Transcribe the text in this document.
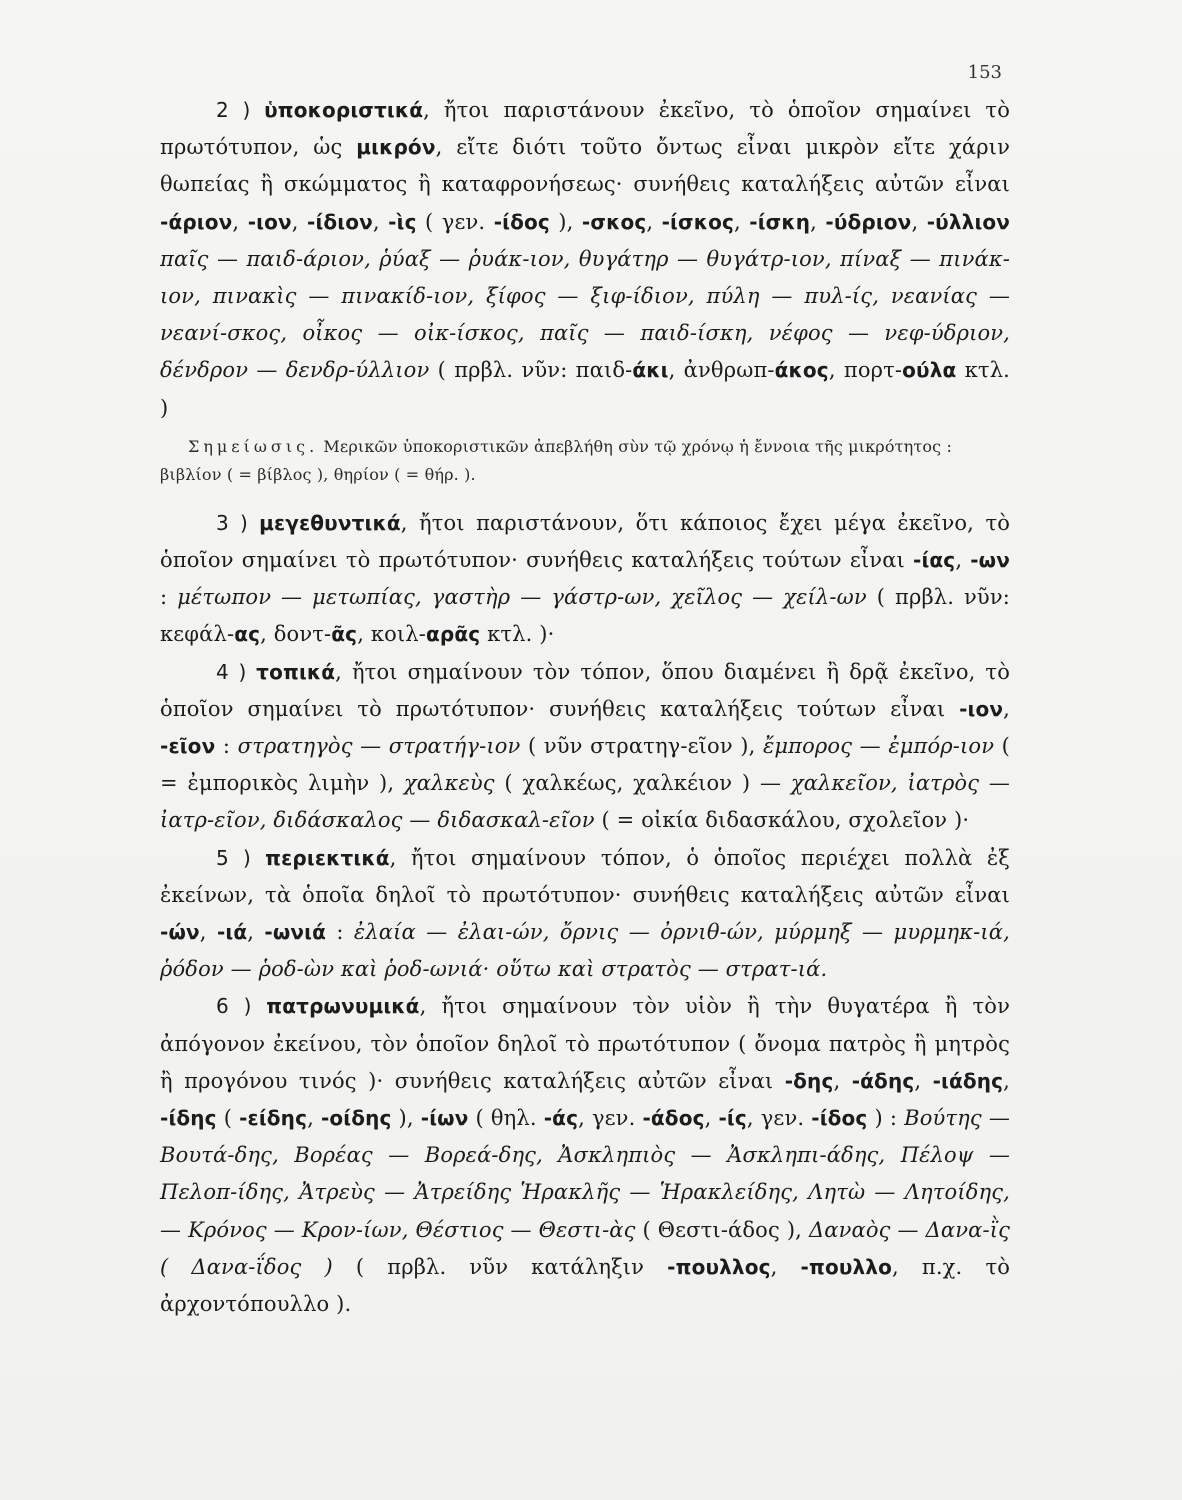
153

2 ) ὑποκοριστικά, ἤτοι παριστάνουν ἐκεῖνο, τὸ ὁποῖον σημαίνει τὸ πρωτότυπον, ὡς μικρόν, εἴτε διότι τοῦτο ὄντως εἶναι μικρὸν εἴτε χάριν θωπείας ἢ σκώμματος ἢ καταφρονήσεως· συνήθεις καταλήξεις αὐτῶν εἶναι -άριον, -ιον, -ίδιον, -ὶς ( γεν. -ίδος ), -σκος, -ίσκος, -ίσκη, -ύδριον, -ύλλιον παῖς — παιδ-άριον, ῥύαξ — ῥυάκ-ιον, θυγάτηρ — θυγάτρ-ιον, πίναξ — πινάκ-ιον, πινακὶς — πινακίδ-ιον, ξίφος — ξιφ-ίδιον, πύλη — πυλ-ίς, νεανίας — νεανί-σκος, οἶκος — οἰκ-ίσκος, παῖς — παιδ-ίσκη, νέφος — νεφ-ύδριον, δένδρον — δενδρ-ύλλιον ( πρβλ. νῦν: παιδ-άκι, ἀνθρωπ-άκος, πορτ-ούλα κτλ. )

Σημείωσις. Μερικῶν ὑποκοριστικῶν ἀπεβλήθη σὺν τῷ χρόνῳ ἡ ἔννοια τῆς μικρότητος : βιβλίον ( = βίβλος ), θηρίον ( = θήρ. ).

3 ) μεγεθυντικά, ἤτοι παριστάνουν, ὅτι κάποιος ἔχει μέγα ἐκεῖνο, τὸ ὁποῖον σημαίνει τὸ πρωτότυπον· συνήθεις καταλήξεις τούτων εἶναι -ίας, -ων : μέτωπον — μετωπίας, γαστὴρ — γάστρ-ων, χεῖλος — χείλ-ων ( πρβλ. νῦν: κεφάλ-ας, δοντ-ᾶς, κοιλ-αρᾶς κτλ. )·

4 ) τοπικά, ἤτοι σημαίνουν τὸν τόπον, ὅπου διαμένει ἢ δρᾷ ἐκεῖνο, τὸ ὁποῖον σημαίνει τὸ πρωτότυπον· συνήθεις καταλήξεις τούτων εἶναι -ιον, -εῖον : στρατηγὸς — στρατήγ-ιον ( νῦν στρατηγ-εῖον ), ἔμπορος — ἐμπόρ-ιον ( = ἐμπορικὸς λιμὴν ), χαλκεὺς ( χαλκέως, χαλκέιον ) — χαλκεῖον, ἰατρὸς — ἰατρ-εῖον, διδάσκαλος — διδασκαλ-εῖον ( = οἰκία διδασκάλου, σχολεῖον )·

5 ) περιεκτικά, ἤτοι σημαίνουν τόπον, ὁ ὁποῖος περιέχει πολλὰ ἐξ ἐκείνων, τὰ ὁποῖα δηλοῖ τὸ πρωτότυπον· συνήθεις καταλήξεις αὐτῶν εἶναι -ών, -ιά, -ωνιά : ἐλαία — ἐλαι-ών, ὄρνις — ὀρνιθ-ών, μύρμηξ — μυρμηκ-ιά, ῥόδον — ῥοδ-ὼν καὶ ῥοδ-ωνιά· οὕτω καὶ στρατὸς — στρατ-ιά.

6 ) πατρωνυμικά, ἤτοι σημαίνουν τὸν υἱὸν ἢ τὴν θυγατέρα ἢ τὸν ἀπόγονον ἐκείνου, τὸν ὁποῖον δηλοῖ τὸ πρωτότυπον ( ὄνομα πατρὸς ἢ μητρὸς ἢ προγόνου τινός )· συνήθεις καταλήξεις αὐτῶν εἶναι -δης, -άδης, -ιάδης, -ίδης ( -είδης, -οίδης ), -ίων ( θηλ. -άς, γεν. -άδος, -ίς, γεν. -ίδος ) : Βούτης — Βουτά-δης, Βορέας — Βορεά-δης, Ἀσκληπιὸς — Ἀσκληπι-άδης, Πέλοψ — Πελοπ-ίδης, Ἀτρεὺς — Ἀτρείδης Ἡρακλῆς — Ἡρακλείδης, Λητὼ — Λητοίδης, — Κρόνος — Κρον-ίων, Θέστιος — Θεστι-ὰς ( Θεστι-άδος ), Δαναὸς — Δανα-ῒς ( Δανα-ΐδος ) ( πρβλ. νῦν κατάληξιν -πουλλος, -πουλλο, π.χ. τὸ ἀρχοντόπουλλο ).
